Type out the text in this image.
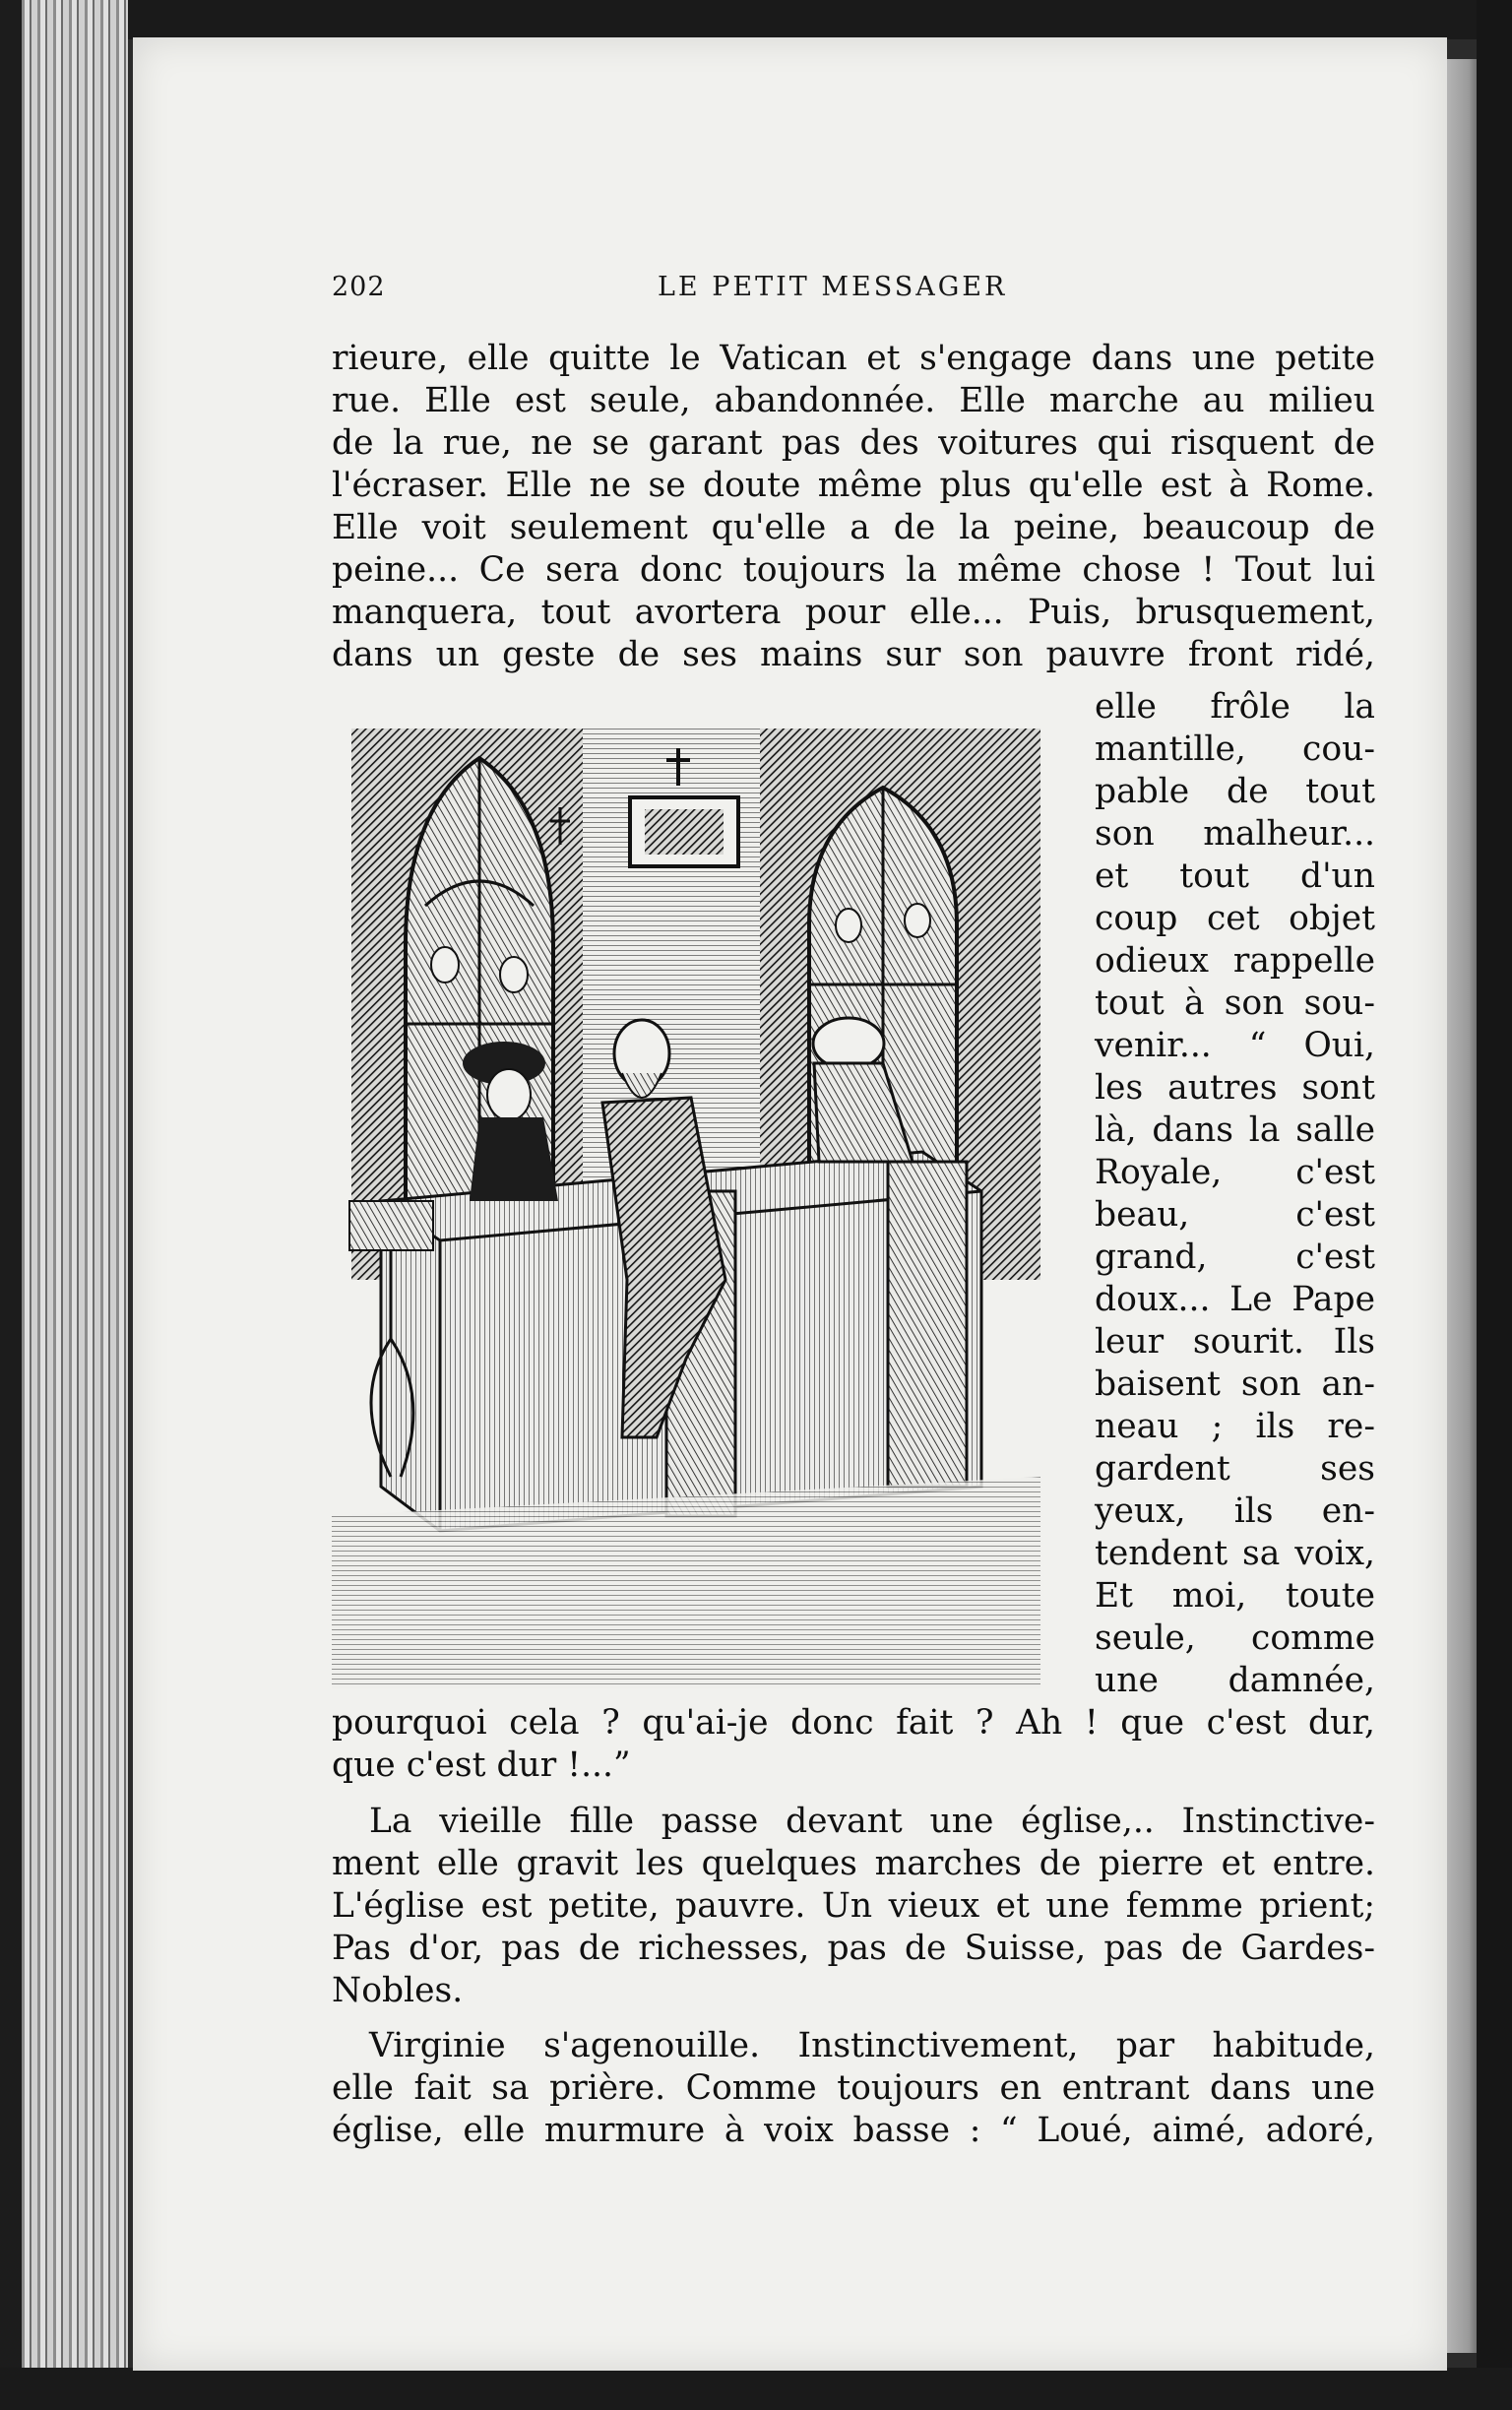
202	LE PETIT MESSAGER
rieure, elle quitte le Vatican et s'engage dans une petite
rue. Elle est seule, abandonnée. Elle marche au milieu
de la rue, ne se garant pas des voitures qui risquent de
l'écraser. Elle ne se doute même plus qu'elle est à Rome.
Elle voit seulement qu'elle a de la peine, beaucoup de
peine... Ce sera donc toujours la même chose ! Tout lui
manquera, tout avortera pour elle... Puis, brusquement,
dans un geste de ses mains sur son pauvre front ridé,
elle frôle la
mantille, cou-
pable de tout
son malheur...
et tout d'un
coup cet objet
odieux rappelle
tout à son sou-
venir... “ Oui,
les autres sont
là, dans la salle
Royale, c'est
beau, c'est
grand, c'est
doux... Le Pape
leur sourit. Ils
baisent son an-
neau ; ils re-
gardent ses
yeux, ils en-
tendent sa voix,
Et moi, toute
seule, comme
une damnée,
pourquoi cela ? qu'ai-je donc fait ? Ah ! que c'est dur,
que c'est dur !...”
La vieille fille passe devant une église,.. Instinctive-
ment elle gravit les quelques marches de pierre et entre.
L'église est petite, pauvre. Un vieux et une femme prient;
Pas d'or, pas de richesses, pas de Suisse, pas de Gardes-
Nobles.
Virginie s'agenouille. Instinctivement, par habitude,
elle fait sa prière. Comme toujours en entrant dans une
église, elle murmure à voix basse : “ Loué, aimé, adoré,
